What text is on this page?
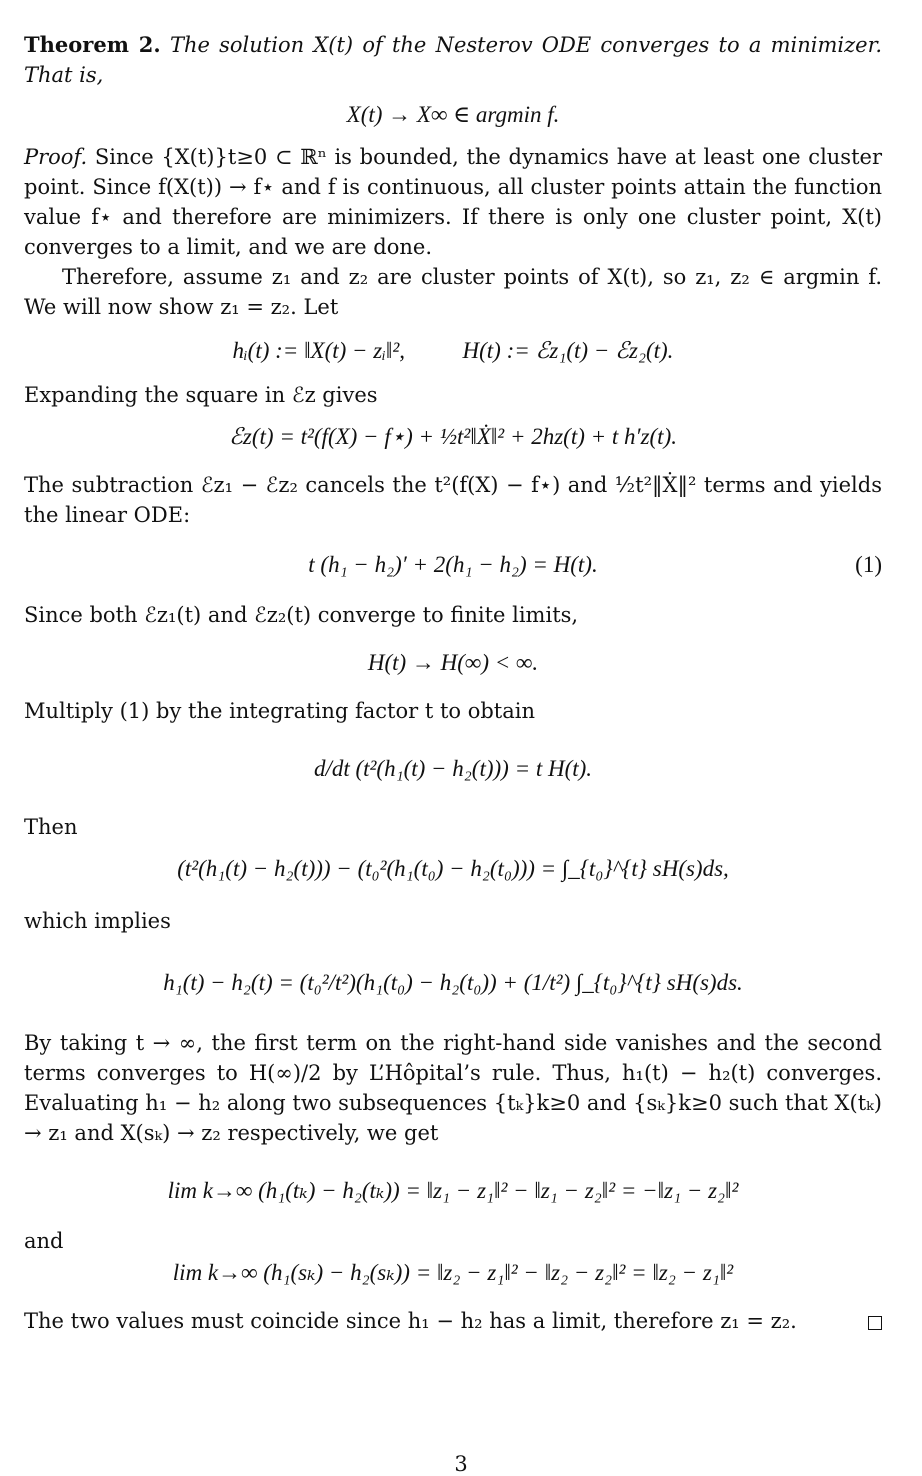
Theorem 2. The solution X(t) of the Nesterov ODE converges to a minimizer. That is,

X(t) → X∞ ∈ argmin f.

Proof. Since {X(t)}t≥0 ⊂ ℝⁿ is bounded, the dynamics have at least one cluster point. Since f(X(t)) → f⋆ and f is continuous, all cluster points attain the function value f⋆ and therefore are minimizers. If there is only one cluster point, X(t) converges to a limit, and we are done.

Therefore, assume z₁ and z₂ are cluster points of X(t), so z₁, z₂ ∈ argmin f. We will now show z₁ = z₂. Let

hᵢ(t) := ‖X(t) − zᵢ‖²,          H(t) := ℰz₁(t) − ℰz₂(t).

Expanding the square in ℰz gives

ℰz(t) = t²(f(X) − f⋆) + ½t²‖Ẋ‖² + 2hz(t) + t h′z(t).

The subtraction ℰz₁ − ℰz₂ cancels the t²(f(X) − f⋆) and ½t²‖Ẋ‖² terms and yields the linear ODE:

t (h₁ − h₂)′ + 2(h₁ − h₂) = H(t).	(1)

Since both ℰz₁(t) and ℰz₂(t) converge to finite limits,

H(t) → H(∞) < ∞.

Multiply (1) by the integrating factor t to obtain

d/dt (t²(h₁(t) − h₂(t))) = t H(t).

Then

(t²(h₁(t) − h₂(t))) − (t₀²(h₁(t₀) − h₂(t₀))) = ∫_{t₀}^{t} sH(s)ds,

which implies

h₁(t) − h₂(t) = (t₀²/t²)(h₁(t₀) − h₂(t₀)) + (1/t²) ∫_{t₀}^{t} sH(s)ds.

By taking t → ∞, the first term on the right-hand side vanishes and the second terms converges to H(∞)/2 by L’Hôpital’s rule. Thus, h₁(t) − h₂(t) converges. Evaluating h₁ − h₂ along two subsequences {tₖ}k≥0 and {sₖ}k≥0 such that X(tₖ) → z₁ and X(sₖ) → z₂ respectively, we get

lim k→∞ (h₁(tₖ) − h₂(tₖ)) = ‖z₁ − z₁‖² − ‖z₁ − z₂‖² = −‖z₁ − z₂‖²

and

lim k→∞ (h₁(sₖ) − h₂(sₖ)) = ‖z₂ − z₁‖² − ‖z₂ − z₂‖² = ‖z₂ − z₁‖²

The two values must coincide since h₁ − h₂ has a limit, therefore z₁ = z₂.

3
